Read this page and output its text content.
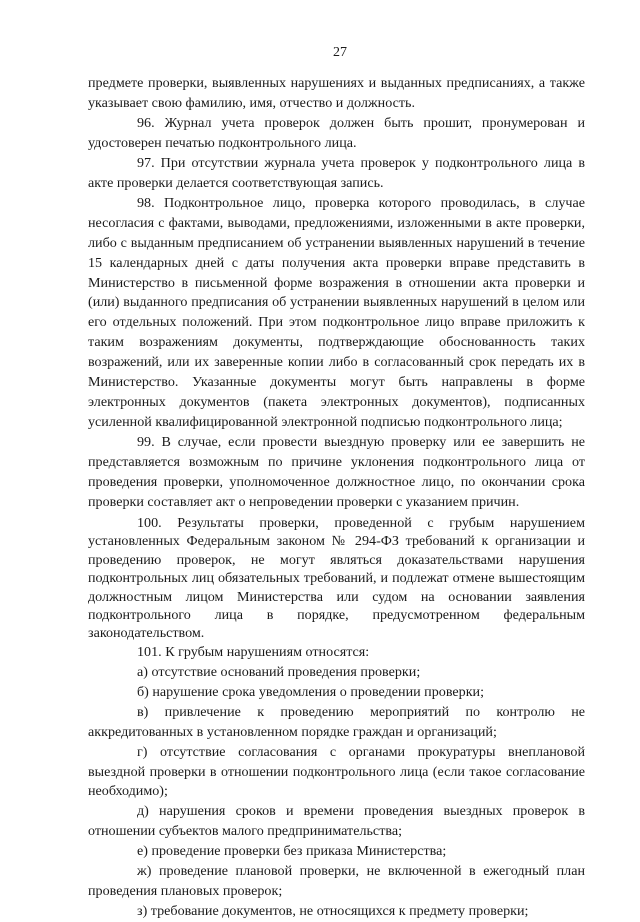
27

предмете проверки, выявленных нарушениях и выданных предписаниях, а также указывает свою фамилию, имя, отчество и должность.

96. Журнал учета проверок должен быть прошит, пронумерован и удостоверен печатью подконтрольного лица.

97. При отсутствии журнала учета проверок у подконтрольного лица в акте проверки делается соответствующая запись.

98. Подконтрольное лицо, проверка которого проводилась, в случае несогласия с фактами, выводами, предложениями, изложенными в акте проверки, либо с выданным предписанием об устранении выявленных нарушений в течение 15 календарных дней с даты получения акта проверки вправе представить в Министерство в письменной форме возражения в отношении акта проверки и (или) выданного предписания об устранении выявленных нарушений в целом или его отдельных положений. При этом подконтрольное лицо вправе приложить к таким возражениям документы, подтверждающие обоснованность таких возражений, или их заверенные копии либо в согласованный срок передать их в Министерство. Указанные документы могут быть направлены в форме электронных документов (пакета электронных документов), подписанных усиленной квалифицированной электронной подписью подконтрольного лица;

99. В случае, если провести выездную проверку или ее завершить не представляется возможным по причине уклонения подконтрольного лица от проведения проверки, уполномоченное должностное лицо, по окончании срока проверки составляет акт о непроведении проверки с указанием причин.

100. Результаты проверки, проведенной с грубым нарушением установленных Федеральным законом № 294-ФЗ требований к организации и проведению проверок, не могут являться доказательствами нарушения подконтрольных лиц обязательных требований, и подлежат отмене вышестоящим должностным лицом Министерства или судом на основании заявления подконтрольного лица в порядке, предусмотренном федеральным законодательством.

101. К грубым нарушениям относятся:

а) отсутствие оснований проведения проверки;

б) нарушение срока уведомления о проведении проверки;

в) привлечение к проведению мероприятий по контролю не аккредитованных в установленном порядке граждан и организаций;

г) отсутствие согласования с органами прокуратуры внеплановой выездной проверки в отношении подконтрольного лица (если такое согласование необходимо);

д) нарушения сроков и времени проведения выездных проверок в отношении субъектов малого предпринимательства;

е) проведение проверки без приказа Министерства;

ж) проведение плановой проверки, не включенной в ежегодный план проведения плановых проверок;

з) требование документов, не относящихся к предмету проверки;
